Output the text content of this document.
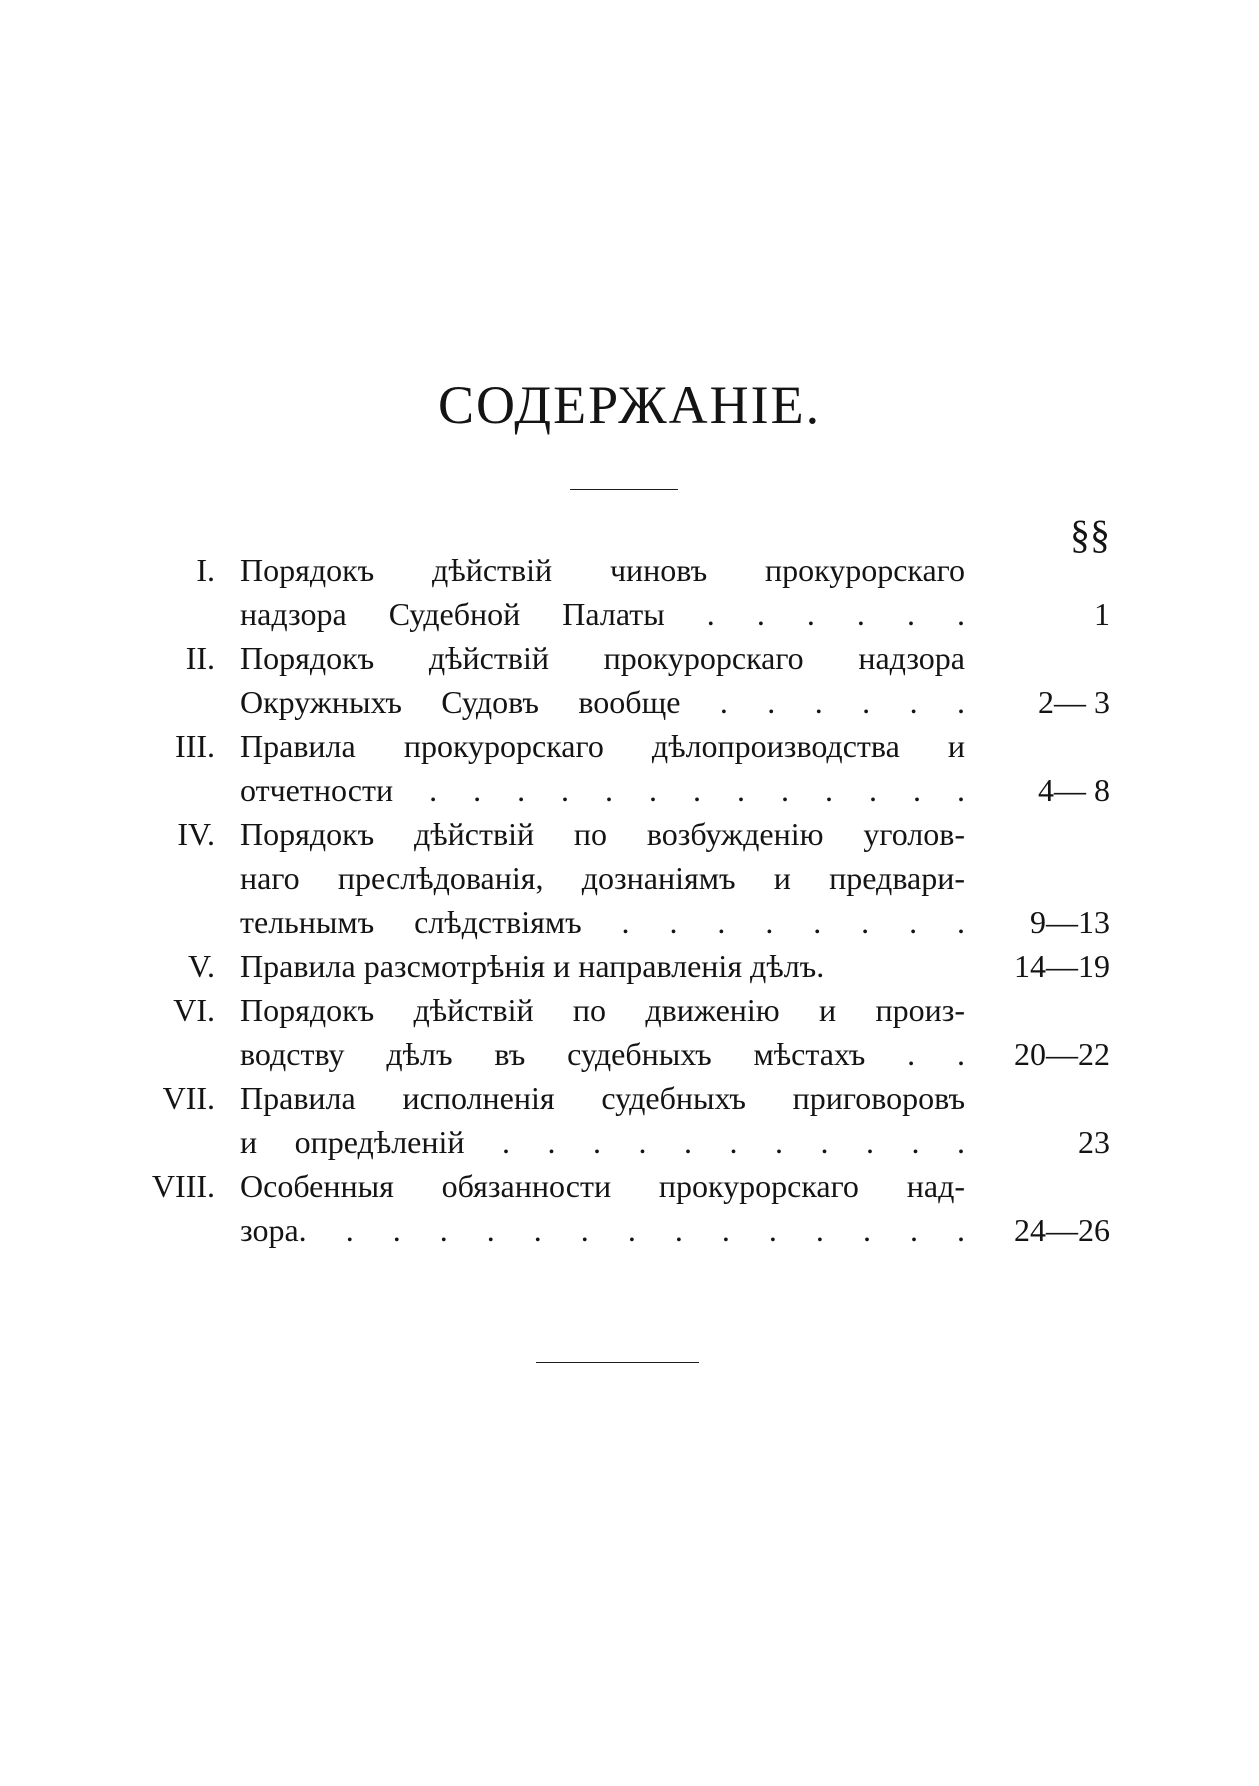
СОДЕРЖАНІЕ.
§§
I. Порядокъ дѣйствій чиновъ прокурорскаго
надзора Судебной Палаты . . . . . .	1
II. Порядокъ дѣйствій прокурорскаго надзора
Окружныхъ Судовъ вообще . . . . . .	2— 3
III. Правила прокурорскаго дѣлопроизводства и
отчетности . . . . . . . . . . . . .	4— 8
IV. Порядокъ дѣйствій по возбужденію уголов-
наго преслѣдованія, дознаніямъ и предвари-
тельнымъ слѣдствіямъ . . . . . . . .	9—13
V. Правила разсмотрѣнія и направленія дѣлъ.	14—19
VI. Порядокъ дѣйствій по движенію и произ-
водству дѣлъ въ судебныхъ мѣстахъ . .	20—22
VII. Правила исполненія судебныхъ приговоровъ
и опредѣленій . . . . . . . . . . .	23
VIII. Особенныя обязанности прокурорскаго над-
зора. . . . . . . . . . . . . . .	24—26
